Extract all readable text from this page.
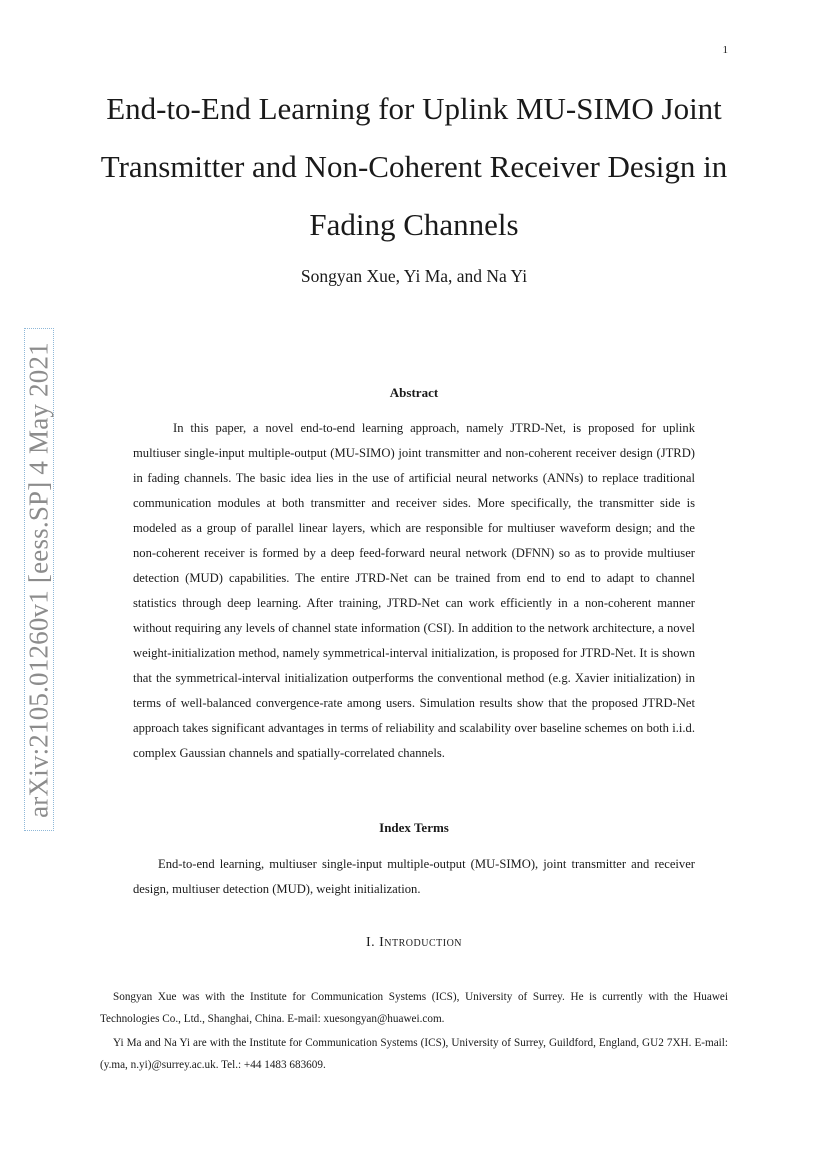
1
arXiv:2105.01260v1 [eess.SP] 4 May 2021
End-to-End Learning for Uplink MU-SIMO Joint Transmitter and Non-Coherent Receiver Design in Fading Channels
Songyan Xue, Yi Ma, and Na Yi
Abstract

In this paper, a novel end-to-end learning approach, namely JTRD-Net, is proposed for uplink multiuser single-input multiple-output (MU-SIMO) joint transmitter and non-coherent receiver design (JTRD) in fading channels. The basic idea lies in the use of artificial neural networks (ANNs) to replace traditional communication modules at both transmitter and receiver sides. More specifically, the transmitter side is modeled as a group of parallel linear layers, which are responsible for multiuser waveform design; and the non-coherent receiver is formed by a deep feed-forward neural network (DFNN) so as to provide multiuser detection (MUD) capabilities. The entire JTRD-Net can be trained from end to end to adapt to channel statistics through deep learning. After training, JTRD-Net can work efficiently in a non-coherent manner without requiring any levels of channel state information (CSI). In addition to the network architecture, a novel weight-initialization method, namely symmetrical-interval initialization, is proposed for JTRD-Net. It is shown that the symmetrical-interval initialization outperforms the conventional method (e.g. Xavier initialization) in terms of well-balanced convergence-rate among users. Simulation results show that the proposed JTRD-Net approach takes significant advantages in terms of reliability and scalability over baseline schemes on both i.i.d. complex Gaussian channels and spatially-correlated channels.

Index Terms

End-to-end learning, multiuser single-input multiple-output (MU-SIMO), joint transmitter and receiver design, multiuser detection (MUD), weight initialization.

I. Introduction

Songyan Xue was with the Institute for Communication Systems (ICS), University of Surrey. He is currently with the Huawei Technologies Co., Ltd., Shanghai, China. E-mail: xuesongyan@huawei.com.

Yi Ma and Na Yi are with the Institute for Communication Systems (ICS), University of Surrey, Guildford, England, GU2 7XH. E-mail: (y.ma, n.yi)@surrey.ac.uk. Tel.: +44 1483 683609.
